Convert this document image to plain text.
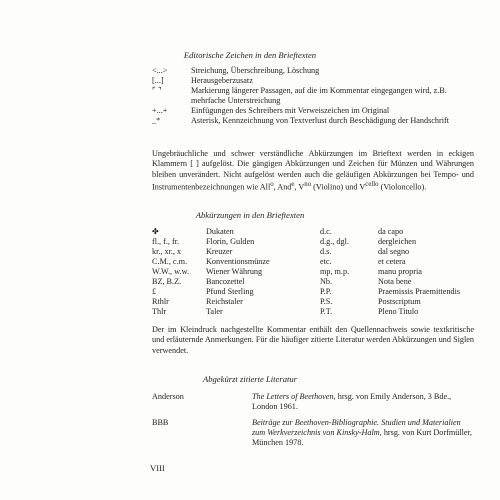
Editorische Zeichen in den Brieftexten
<...>	Streichung, Überschreibung, Löschung
[...]	Herausgeberzusatz
⌜ ⌝	Markierung längerer Passagen, auf die im Kommentar eingegangen wird, z.B. mehrfache Unterstreichung
+...+	Einfügungen des Schreibers mit Verweiszeichen im Original
_*	Asterisk, Kennzeichnung von Textverlust durch Beschädigung der Handschrift

Ungebräuchliche und schwer verständliche Abkürzungen im Brieftext werden in eckigen Klammern [ ] aufgelöst. Die gängigen Abkürzungen und Zeichen für Münzen und Währungen bleiben unverändert. Nicht aufgelöst werden auch die geläufigen Abkürzungen bei Tempo- und Instrumentenbezeichnungen wie All$^o$, And$^e$, $V^{no}$ (Violino) und $V^{cello}$ (Violoncello).

Abkürzungen in den Brieftexten
✤	Dukaten
fl., f., fr.	Florin, Gulden
kr., xr., x	Kreuzer
C.M., c.m. Konventionsmünze
W.W., w.w. Wiener Währung
BZ, B.Z.	Bancozettel
£	Pfund Sterling
Rthlr	Reichstaler
Thlr	Taler
d.c.	da capo
d.g., dgl.	dergleichen
d.s.	dal segno
etc.	et cetera
mp, m.p.	manu propria
Nb.	Nota bene
P.P.	Praemissis Praemittendis
P.S.	Postscriptum
P.T.	Pleno Titulo

Der im Kleindruck nachgestellte Kommentar enthält den Quellennachweis sowie textkritische und erläuternde Anmerkungen. Für die häufiger zitierte Literatur werden Abkürzungen und Siglen verwendet.

Abgekürzt zitierte Literatur
Anderson	The Letters of Beethoven, hrsg. von Emily Anderson, 3 Bde., London 1961.
BBB	Beiträge zur Beethoven-Bibliographie. Studien und Materialien zum Werkverzeichnis von Kinsky-Halm, hrsg. von Kurt Dorfmüller, München 1978.
VIII
